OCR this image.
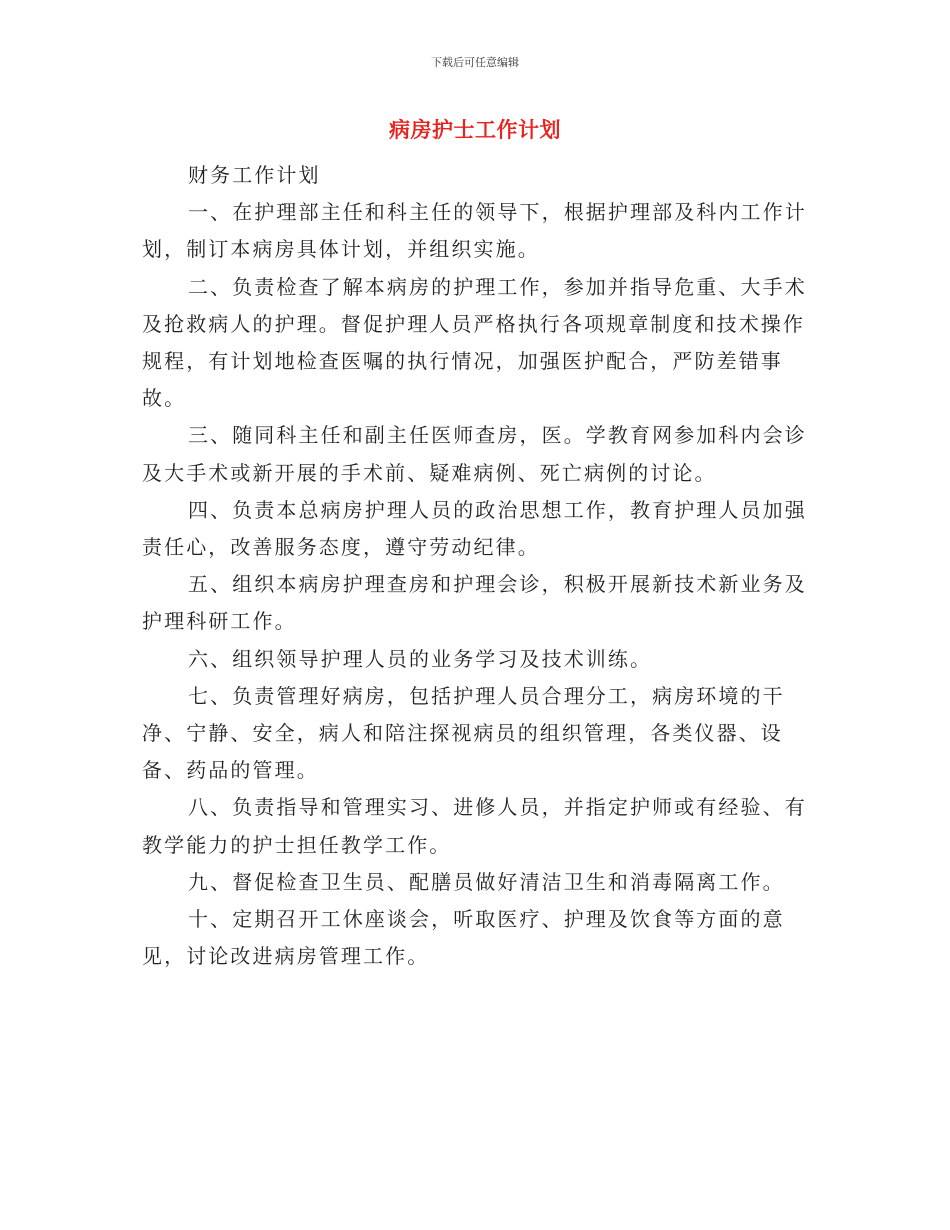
下载后可任意编辑
病房护士工作计划

财务工作计划

一、在护理部主任和科主任的领导下，根据护理部及科内工作计划，制订本病房具体计划，并组织实施。

二、负责检查了解本病房的护理工作，参加并指导危重、大手术及抢救病人的护理。督促护理人员严格执行各项规章制度和技术操作规程，有计划地检查医嘱的执行情况，加强医护配合，严防差错事故。

三、随同科主任和副主任医师查房，医。学教育网参加科内会诊及大手术或新开展的手术前、疑难病例、死亡病例的讨论。

四、负责本总病房护理人员的政治思想工作，教育护理人员加强责任心，改善服务态度，遵守劳动纪律。

五、组织本病房护理查房和护理会诊，积极开展新技术新业务及护理科研工作。

六、组织领导护理人员的业务学习及技术训练。

七、负责管理好病房，包括护理人员合理分工，病房环境的干净、宁静、安全，病人和陪注探视病员的组织管理，各类仪器、设备、药品的管理。

八、负责指导和管理实习、进修人员，并指定护师或有经验、有教学能力的护士担任教学工作。

九、督促检查卫生员、配膳员做好清洁卫生和消毒隔离工作。

十、定期召开工休座谈会，听取医疗、护理及饮食等方面的意见，讨论改进病房管理工作。
